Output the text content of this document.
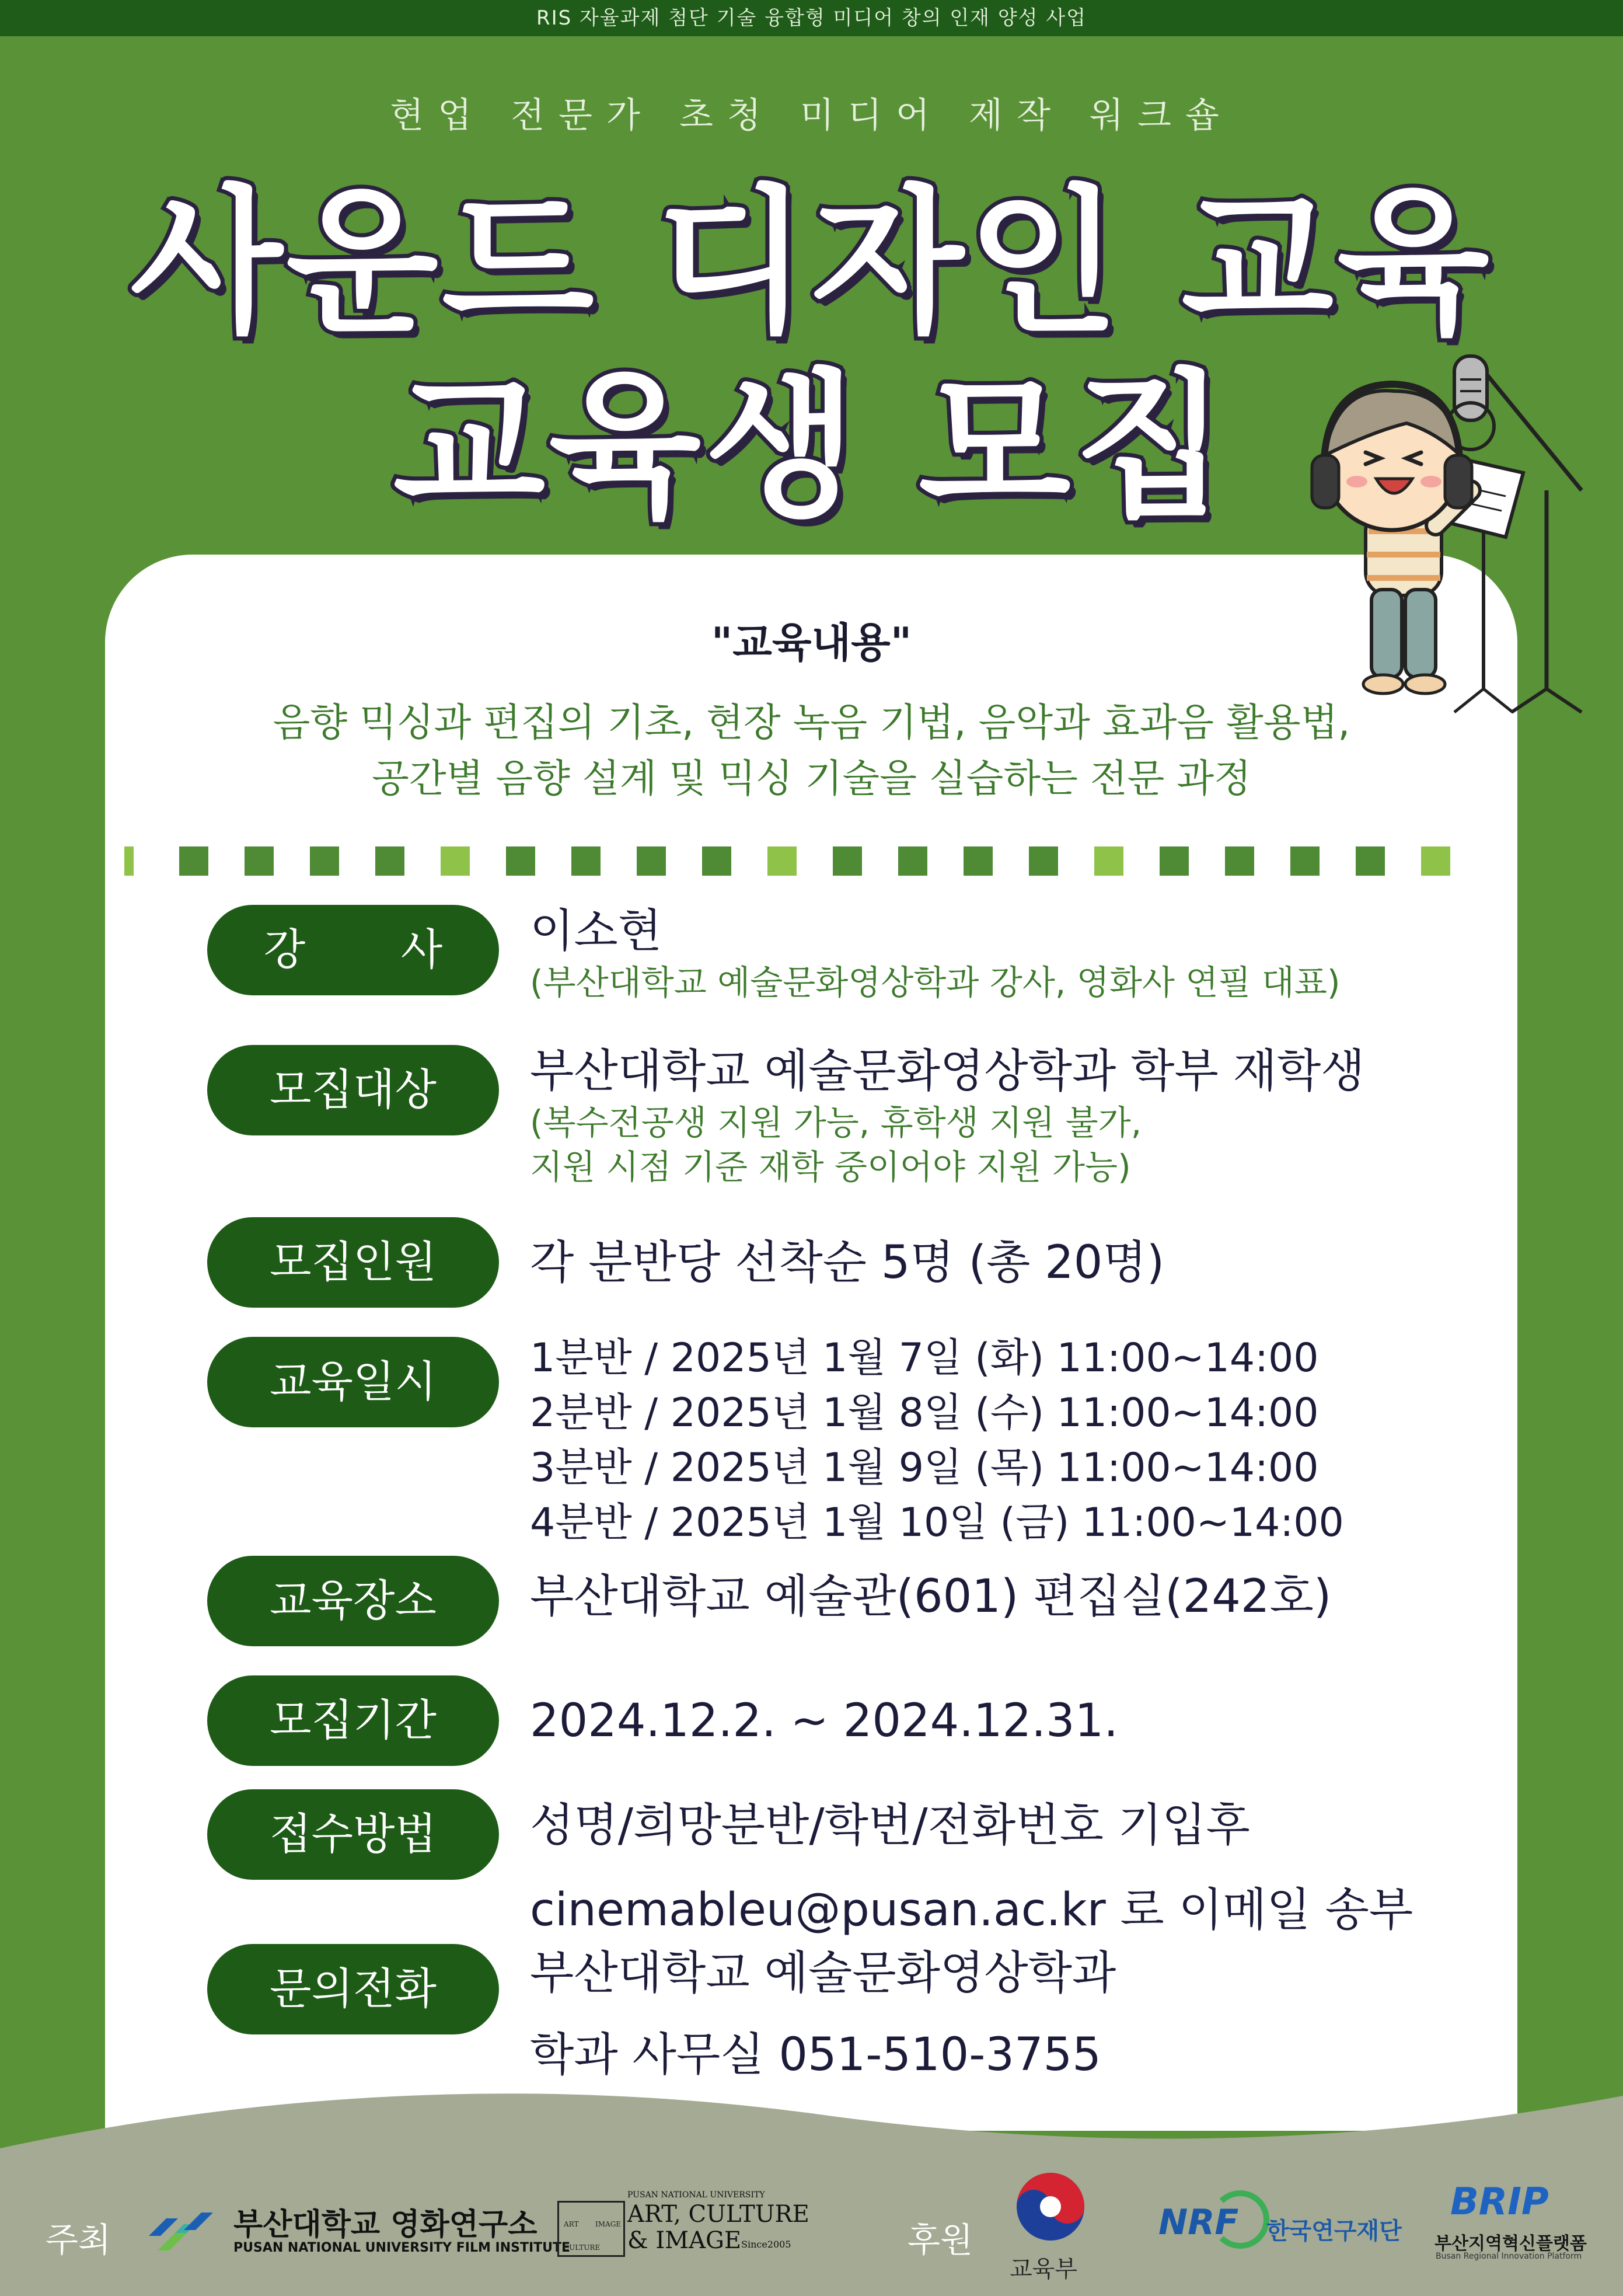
RIS 자율과제 첨단 기술 융합형 미디어 창의 인재 양성 사업
현업 전문가 초청 미디어 제작 워크숍
사운드 디자인 교육
교육생 모집
"교육내용"
음향 믹싱과 편집의 기초, 현장 녹음 기법, 음악과 효과음 활용법,
공간별 음향 설계 및 믹싱 기술을 실습하는 전문 과정
강 사	이소현
(부산대학교 예술문화영상학과 강사, 영화사 연필 대표)
모집대상	부산대학교 예술문화영상학과 학부 재학생
(복수전공생 지원 가능, 휴학생 지원 불가,
지원 시점 기준 재학 중이어야 지원 가능)
모집인원	각 분반당 선착순 5명 (총 20명)
교육일시	1분반 / 2025년 1월 7일 (화) 11:00~14:00
2분반 / 2025년 1월 8일 (수) 11:00~14:00
3분반 / 2025년 1월 9일 (목) 11:00~14:00
4분반 / 2025년 1월 10일 (금) 11:00~14:00
교육장소	부산대학교 예술관(601) 편집실(242호)
모집기간	2024.12.2. ~ 2024.12.31.
접수방법	성명/희망분반/학번/전화번호 기입후
cinemableu@pusan.ac.kr 로 이메일 송부
문의전화	부산대학교 예술문화영상학과
학과 사무실 051-510-3755
주최	부산대학교 영화연구소
PUSAN NATIONAL UNIVERSITY FILM INSTITUTE
ART IMAGE
CULTURE
PUSAN NATIONAL UNIVERSITY
ART, CULTURE
& IMAGE Since2005	후원
교육부
NRF 한국연구재단
BRIP
부산지역혁신플랫폼
Busan Regional Innovation Platform
